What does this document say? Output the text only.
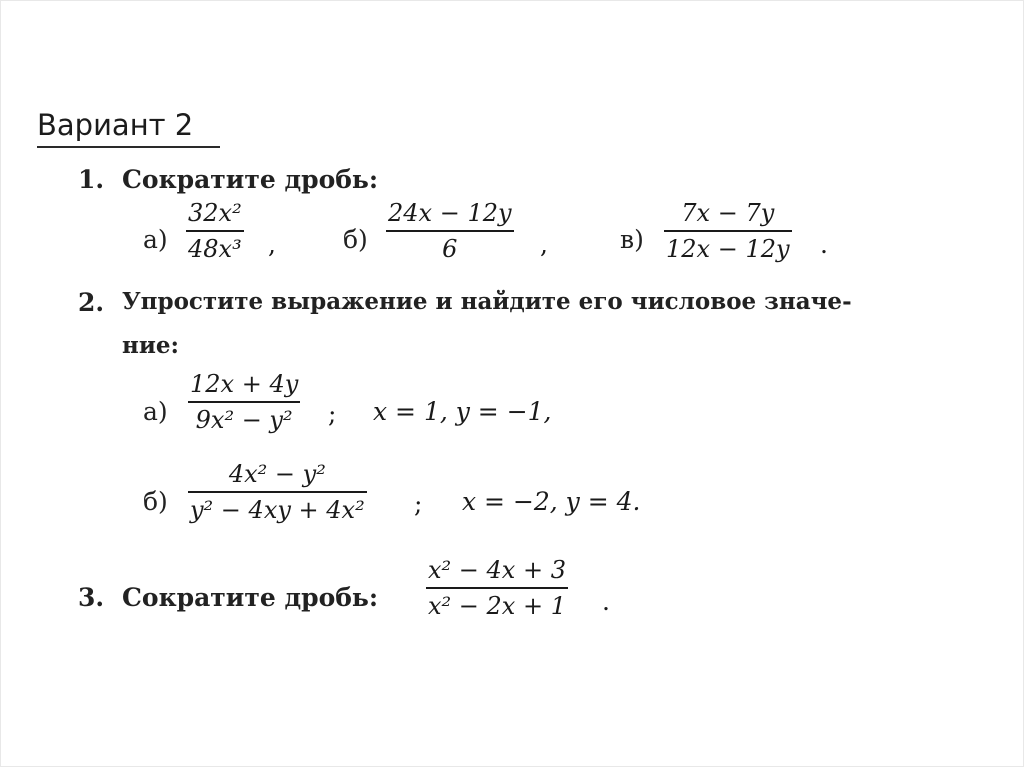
Вариант 2
1. Сократите дробь:
а)
32x²
48x³ ,	б)
24x − 12y
6	,	в)
7x − 7y
12x − 12y .
2. Упростите выражение и найдите его числовое значе-
ние:
а)
12x + 4y
9x² − y² ; x = 1, y = −1,
б)
4x² − y²
y² − 4xy + 4x² ; x = −2, y = 4.
3. Сократите дробь:
x² − 4x + 3
x² − 2x + 1 .
